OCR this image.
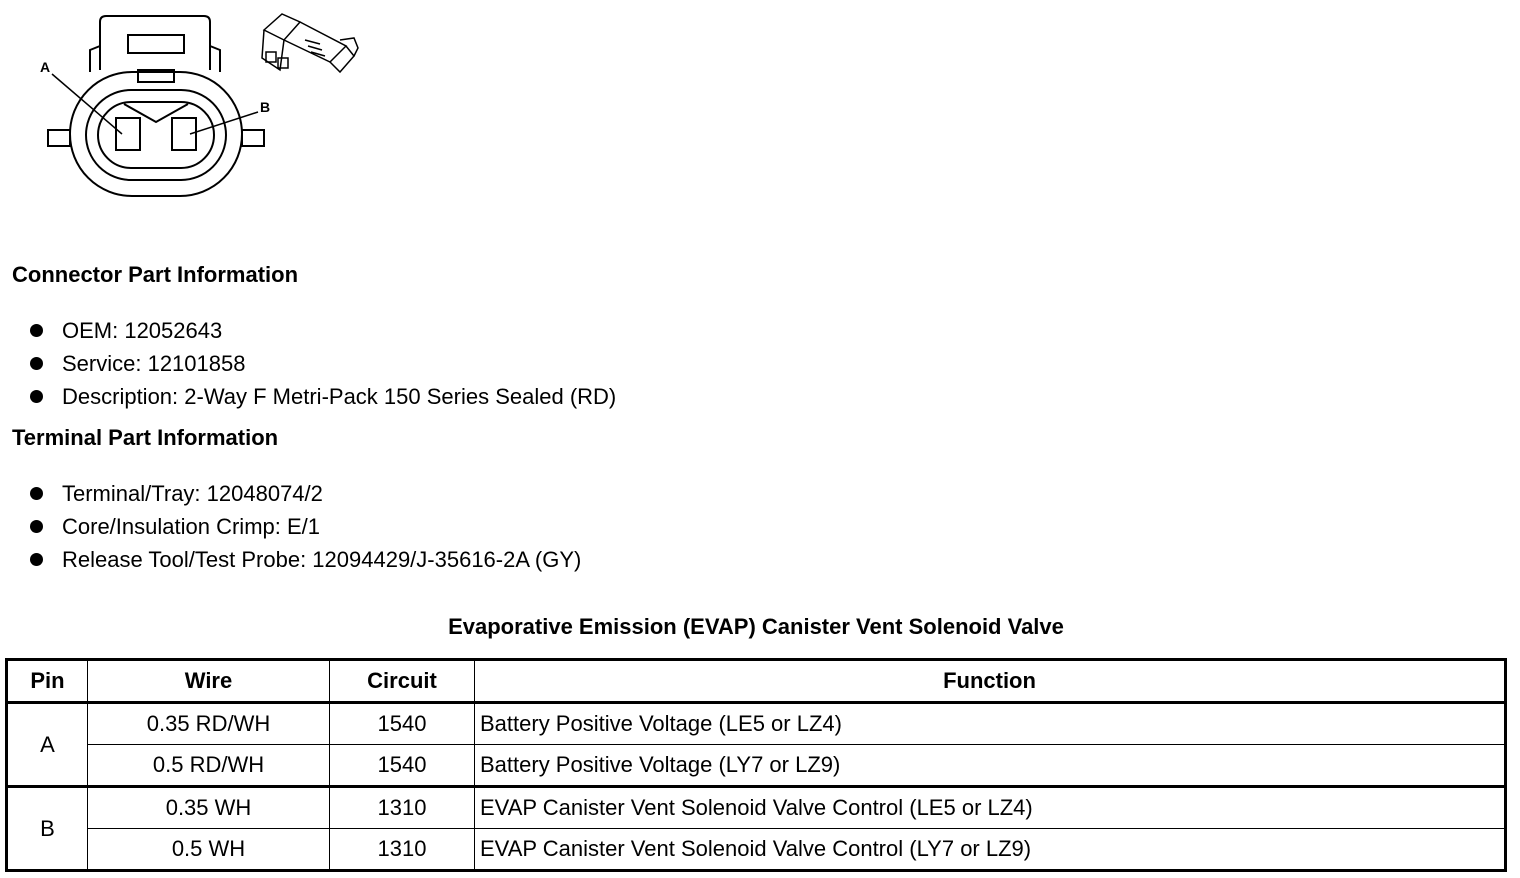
A
B
Connector Part Information
OEM: 12052643
Service: 12101858
Description: 2-Way F Metri-Pack 150 Series Sealed (RD)
Terminal Part Information
Terminal/Tray: 12048074/2
Core/Insulation Crimp: E/1
Release Tool/Test Probe: 12094429/J-35616-2A (GY)
Evaporative Emission (EVAP) Canister Vent Solenoid Valve
Pin	Wire	Circuit	Function
A	0.35 RD/WH	1540	Battery Positive Voltage (LE5 or LZ4)
	0.5 RD/WH	1540	Battery Positive Voltage (LY7 or LZ9)
B	0.35 WH	1310	EVAP Canister Vent Solenoid Valve Control (LE5 or LZ4)
	0.5 WH	1310	EVAP Canister Vent Solenoid Valve Control (LY7 or LZ9)
